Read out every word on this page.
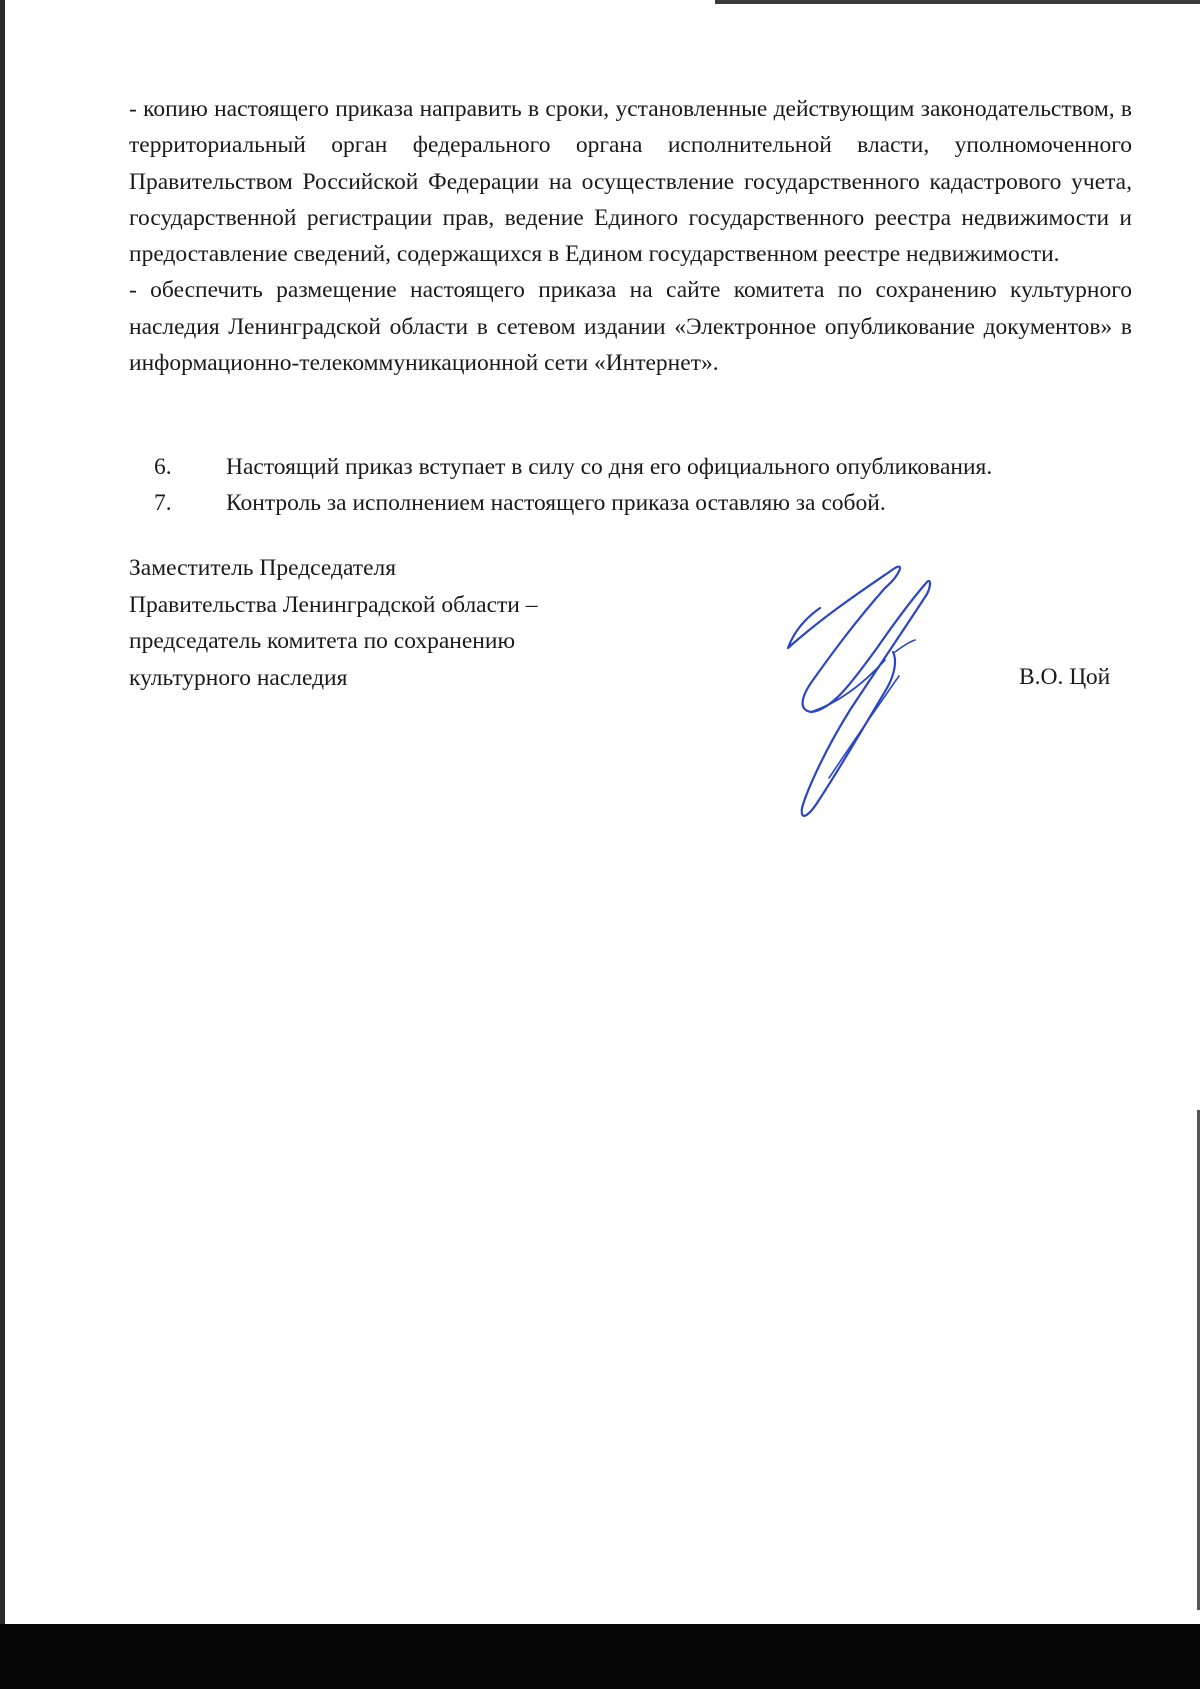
- копию настоящего приказа направить в сроки, установленные действующим законодательством, в территориальный орган федерального органа исполнительной власти, уполномоченного Правительством Российской Федерации на осуществление государственного кадастрового учета, государственной регистрации прав, ведение Единого государственного реестра недвижимости и предоставление сведений, содержащихся в Едином государственном реестре недвижимости.

- обеспечить размещение настоящего приказа на сайте комитета по сохранению культурного наследия Ленинградской области в сетевом издании «Электронное опубликование документов» в информационно-телекоммуникационной сети «Интернет».

6. Настоящий приказ вступает в силу со дня его официального опубликования.
7. Контроль за исполнением настоящего приказа оставляю за собой.
Заместитель Председателя
Правительства Ленинградской области –
председатель комитета по сохранению
культурного наследия	В.О. Цой
